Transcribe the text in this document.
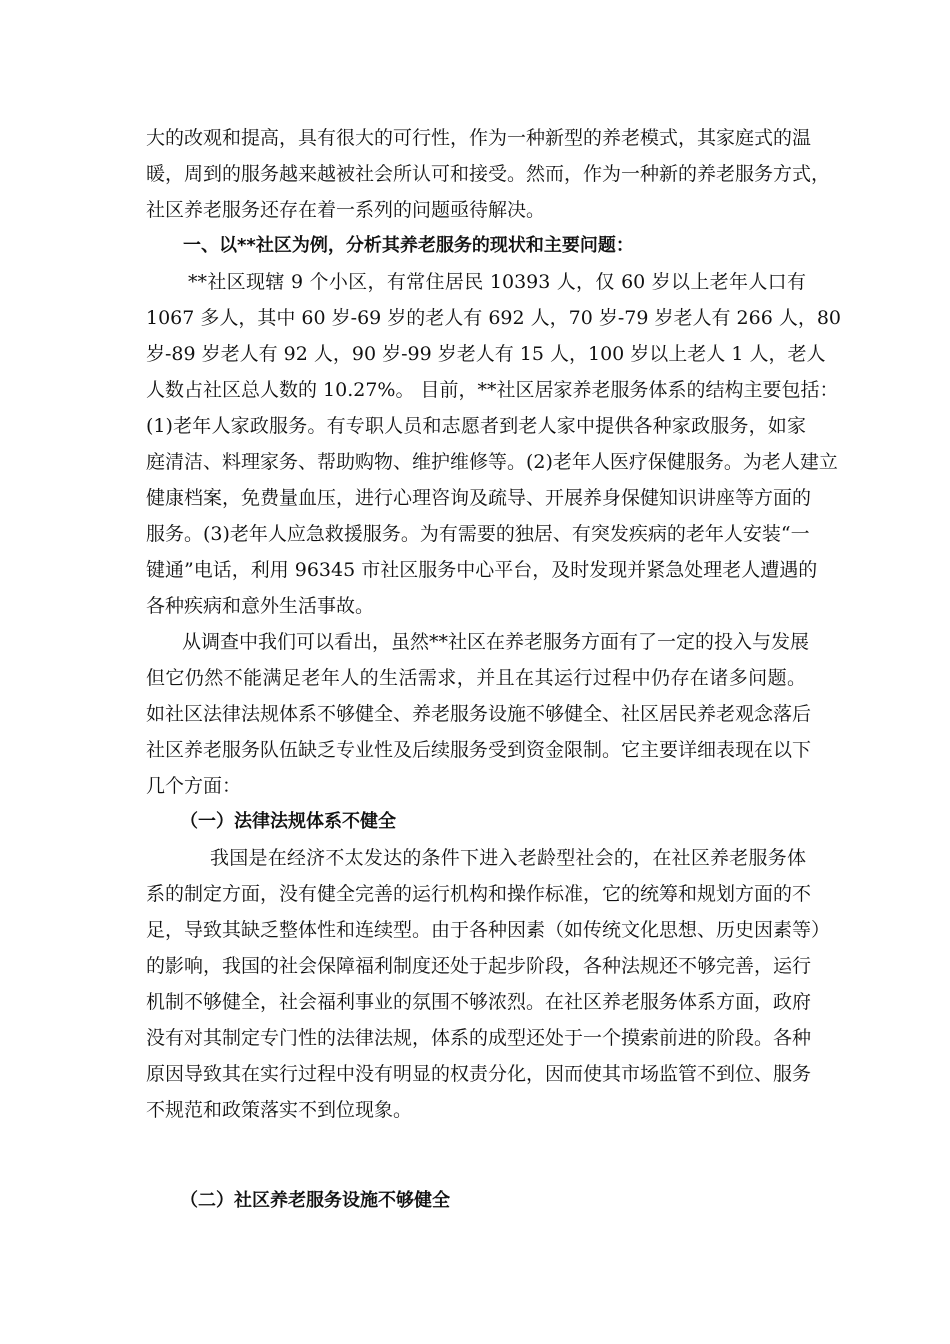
大的改观和提高，具有很大的可行性，作为一种新型的养老模式，其家庭式的温
暖，周到的服务越来越被社会所认可和接受。然而，作为一种新的养老服务方式，
社区养老服务还存在着一系列的问题亟待解决。
一、以**社区为例，分析其养老服务的现状和主要问题：
**社区现辖 9 个小区，有常住居民 10393 人，仅 60 岁以上老年人口有
1067 多人，其中 60 岁-69 岁的老人有 692 人，70 岁-79 岁老人有 266 人，80
岁-89 岁老人有 92 人，90 岁-99 岁老人有 15 人，100 岁以上老人 1 人，老人
人数占社区总人数的 10.27%。 目前，**社区居家养老服务体系的结构主要包括：
(1)老年人家政服务。有专职人员和志愿者到老人家中提供各种家政服务，如家
庭清洁、料理家务、帮助购物、维护维修等。(2)老年人医疗保健服务。为老人建立
健康档案，免费量血压，进行心理咨询及疏导、开展养身保健知识讲座等方面的
服务。(3)老年人应急救援服务。为有需要的独居、有突发疾病的老年人安装“一
键通”电话，利用 96345 市社区服务中心平台，及时发现并紧急处理老人遭遇的
各种疾病和意外生活事故。
从调查中我们可以看出，虽然**社区在养老服务方面有了一定的投入与发展
但它仍然不能满足老年人的生活需求，并且在其运行过程中仍存在诸多问题。
如社区法律法规体系不够健全、养老服务设施不够健全、社区居民养老观念落后
社区养老服务队伍缺乏专业性及后续服务受到资金限制。它主要详细表现在以下
几个方面：
（一）法律法规体系不健全
我国是在经济不太发达的条件下进入老龄型社会的，在社区养老服务体
系的制定方面，没有健全完善的运行机构和操作标准，它的统筹和规划方面的不
足，导致其缺乏整体性和连续型。由于各种因素（如传统文化思想、历史因素等）
的影响，我国的社会保障福利制度还处于起步阶段，各种法规还不够完善，运行
机制不够健全，社会福利事业的氛围不够浓烈。在社区养老服务体系方面，政府
没有对其制定专门性的法律法规，体系的成型还处于一个摸索前进的阶段。各种
原因导致其在实行过程中没有明显的权责分化，因而使其市场监管不到位、服务
不规范和政策落实不到位现象。
（二）社区养老服务设施不够健全
